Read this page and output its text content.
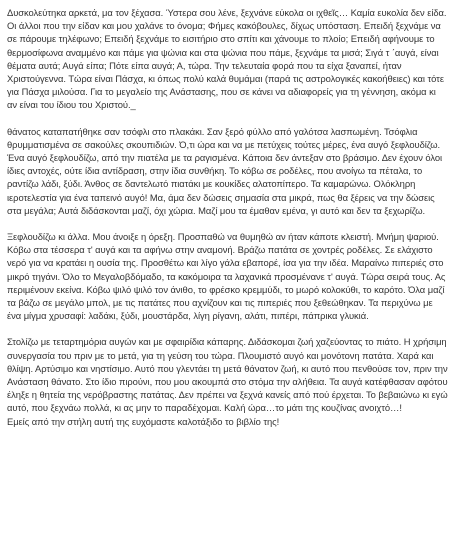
Δυσκολεύτηκα αρκετά, μα τον ξέχασα. Ύστερα σου λένε, ξεχνάνε εύκολα οι ιχθεῖς… Καμία ευκολία δεν είδα. Οι άλλοι που την είδαν και μου χαλάνε το όνομα; Φήμες κακόβουλες, δίχως υπόσταση. Επειδή ξεχνάμε να σε πάρουμε τηλέφωνο; Επειδή ξεχνάμε το εισιτήριο στο σπίτι και χάνουμε το πλοίο; Επειδή αφήνουμε το θερμοσίφωνα αναμμένο και πάμε για ψώνια και στα ψώνια που πάμε, ξεχνάμε τα μισά; Σιγά τ ΄αυγά, είναι θέματα αυτά; Αυγά είπα; Πότε είπα αυγά; Α, τώρα. Την τελευταία φορά που τα είχα ξαναπεί, ήταν Χριστούγεννα. Τώρα είναι Πάσχα, κι όπως πολύ καλά θυμάμαι (παρά τις αστρολογικές κακοήθειες) και τότε για Πάσχα μιλούσα. Για το μεγαλείο της Ανάστασης, που σε κάνει να αδιαφορείς για τη γέννηση, ακόμα κι αν είναι του ίδιου του Χριστού._

θάνατος καταπατήθηκε σαν τσόφλι στο πλακάκι. Σαν ξερό φύλλο από γαλότσα λασπωμένη. Τσόφλια θρυμματισμένα σε σακούλες σκουπιδιών. Ό,τι ώρα και να με πετύχεις τούτες μέρες, ένα αυγό ξεφλουδίζω. Ένα αυγό ξεφλουδίζω, από την πιατέλα με τα ραγισμένα. Κάποια δεν άντεξαν στο βράσιμο. Δεν έχουν όλοι ίδιες αντοχές, ούτε ίδια αντίδραση, στην ίδια συνθήκη. Το κόβω σε ροδέλες, που ανοίγω τα πέταλα, το ραντίζω λάδι, ξύδι. Άνθος σε δαντελωτό πιατάκι με κουκίδες αλατοπίπερο. Τα καμαρώνω. Ολόκληρη ιεροτελεστία για ένα ταπεινό αυγό! Μα, άμα δεν δώσεις σημασία στα μικρά, πως θα ξέρεις να την δώσεις στα μεγάλα; Αυτά διδάσκονται μαζί, όχι χώρια. Μαζί μου τα έμαθαν εμένα, γι αυτό και δεν τα ξεχωρίζω.

Ξεφλουδίζω κι άλλα. Μου άνοιξε η όρεξη. Προσπαθώ να θυμηθώ αν ήταν κάποτε κλειστή. Μνήμη ψαριού. Κόβω στα τέσσερα τ' αυγά και τα αφήνω στην αναμονή. Βράζω πατάτα σε χοντρές ροδέλες. Σε ελάχιστο νερό για να κρατάει η ουσία της. Προσθέτω και λίγο γάλα εβαπορέ, ίσα για την ιδέα. Μαραίνω πιπεριές στο μικρό τηγάνι. Όλο το Μεγαλοβδόμαδο, τα κακόμοιρα τα λαχανικά προσμένανε τ' αυγά. Τώρα σειρά τους. Ας περιμένουν εκείνα. Κόβω ψιλό ψιλό τον άνιθο, το φρέσκο κρεμμύδι, το μωρό κολοκύθι, το καρότο. Όλα μαζί τα βάζω σε μεγάλο μπολ, με τις πατάτες που αχνίζουν και τις πιπεριές που ξεθεώθηκαν. Τα περιχύνω με ένα μίγμα χρυσαφί: λαδάκι, ξύδι, μουστάρδα, λίγη ρίγανη, αλάτι, πιπέρι, πάπρικα γλυκιά.

Στολίζω με τεταρτημόρια αυγών και με σφαιρίδια κάπαρης. Διδάσκομαι ζωή χαζεύοντας το πιάτο. Η χρήσιμη συνεργασία του πριν με το μετά, για τη γεύση του τώρα. Πλουμιστό αυγό και μονότονη πατάτα. Χαρά και θλίψη. Αρτύσιμο και νηστίσιμο. Αυτό που γλεντάει τη μετά θάνατον ζωή, κι αυτό που πενθούσε τον, πριν την Ανάσταση θάνατο. Στο ίδιο πιρούνι, που μου ακουμπά στο στόμα την αλήθεια. Τα αυγά κατέφθασαν αφότου έληξε η θητεία της νερόβραστης πατάτας. Δεν πρέπει να ξεχνά κανείς από πού έρχεται. Το βεβαιώνω κι εγώ αυτό, που ξεχνάω πολλά, κι ας μην το παραδέχομαι. Καλή ώρα…το μάτι της κουζίνας ανοιχτό…!
Εμείς από την στήλη αυτή της ευχόμαστε καλοτάξιδο το βιβλίο της!
